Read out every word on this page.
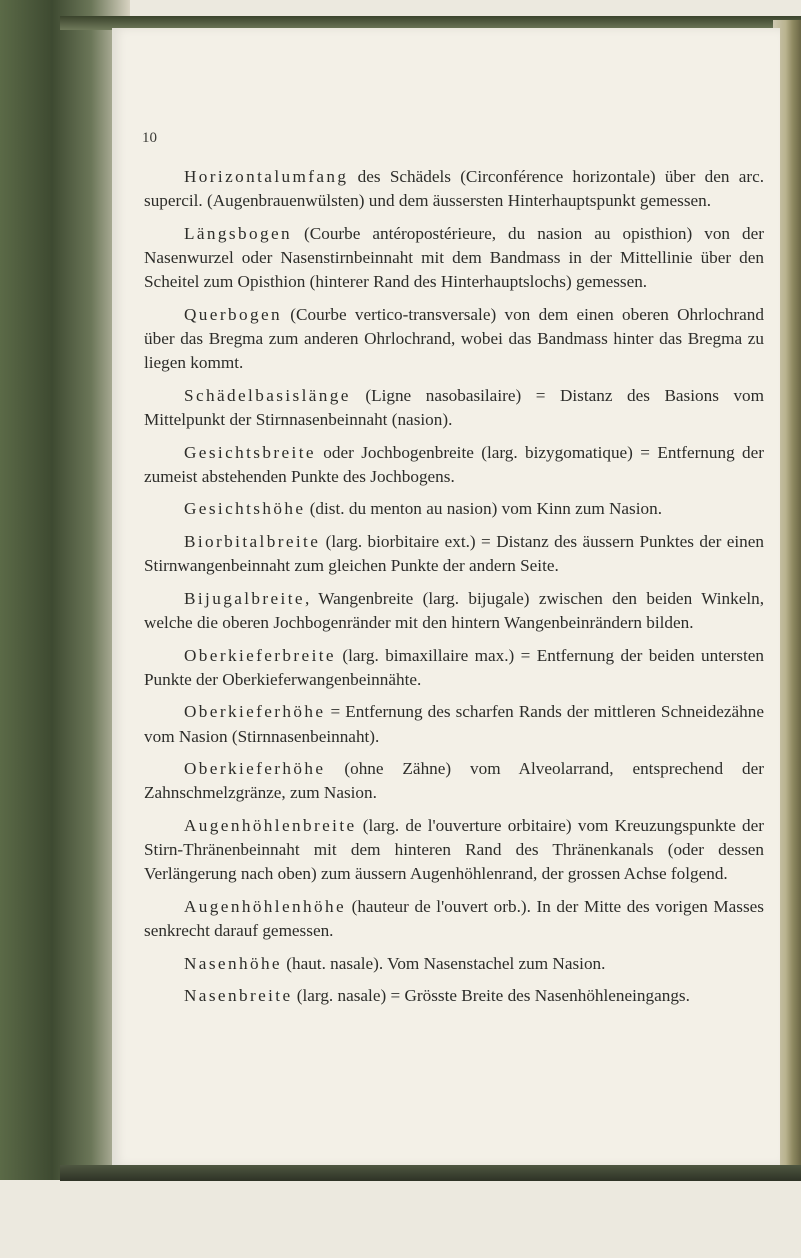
10

Horizontalumfang des Schädels (Circonférence horizontale) über den arc. supercil. (Augenbrauenwülsten) und dem äussersten Hinterhauptspunkt gemessen.

Längsbogen (Courbe antéropostérieure, du nasion au opisthion) von der Nasenwurzel oder Nasenstirnbeinnaht mit dem Bandmass in der Mittellinie über den Scheitel zum Opisthion (hinterer Rand des Hinterhauptslochs) gemessen.

Querbogen (Courbe vertico-transversale) von dem einen oberen Ohrlochrand über das Bregma zum anderen Ohrlochrand, wobei das Bandmass hinter das Bregma zu liegen kommt.

Schädelbasislänge (Ligne nasobasilaire) = Distanz des Basions vom Mittelpunkt der Stirnnasenbeinnaht (nasion).

Gesichtsbreite oder Jochbogenbreite (larg. bizygomatique) = Entfernung der zumeist abstehenden Punkte des Jochbogens.

Gesichtshöhe (dist. du menton au nasion) vom Kinn zum Nasion.

Biorbitalbreite (larg. biorbitaire ext.) = Distanz des äussern Punktes der einen Stirnwangenbeinnaht zum gleichen Punkte der andern Seite.

Bijugalbreite, Wangenbreite (larg. bijugale) zwischen den beiden Winkeln, welche die oberen Jochbogenränder mit den hintern Wangenbeinrändern bilden.

Oberkieferbreite (larg. bimaxillaire max.) = Entfernung der beiden untersten Punkte der Oberkieferwangenbeinnähte.

Oberkieferhöhe = Entfernung des scharfen Rands der mittleren Schneidezähne vom Nasion (Stirnnasenbeinnaht).

Oberkieferhöhe (ohne Zähne) vom Alveolarrand, entsprechend der Zahnschmelzgränze, zum Nasion.

Augenhöhlenbreite (larg. de l'ouverture orbitaire) vom Kreuzungspunkte der Stirn-Thränenbeinnaht mit dem hinteren Rand des Thränenkanals (oder dessen Verlängerung nach oben) zum äussern Augenhöhlenrand, der grossen Achse folgend.

Augenhöhlenhöhe (hauteur de l'ouvert orb.). In der Mitte des vorigen Masses senkrecht darauf gemessen.

Nasenhöhe (haut. nasale). Vom Nasenstachel zum Nasion.

Nasenbreite (larg. nasale) = Grösste Breite des Nasenhöhleneingangs.
